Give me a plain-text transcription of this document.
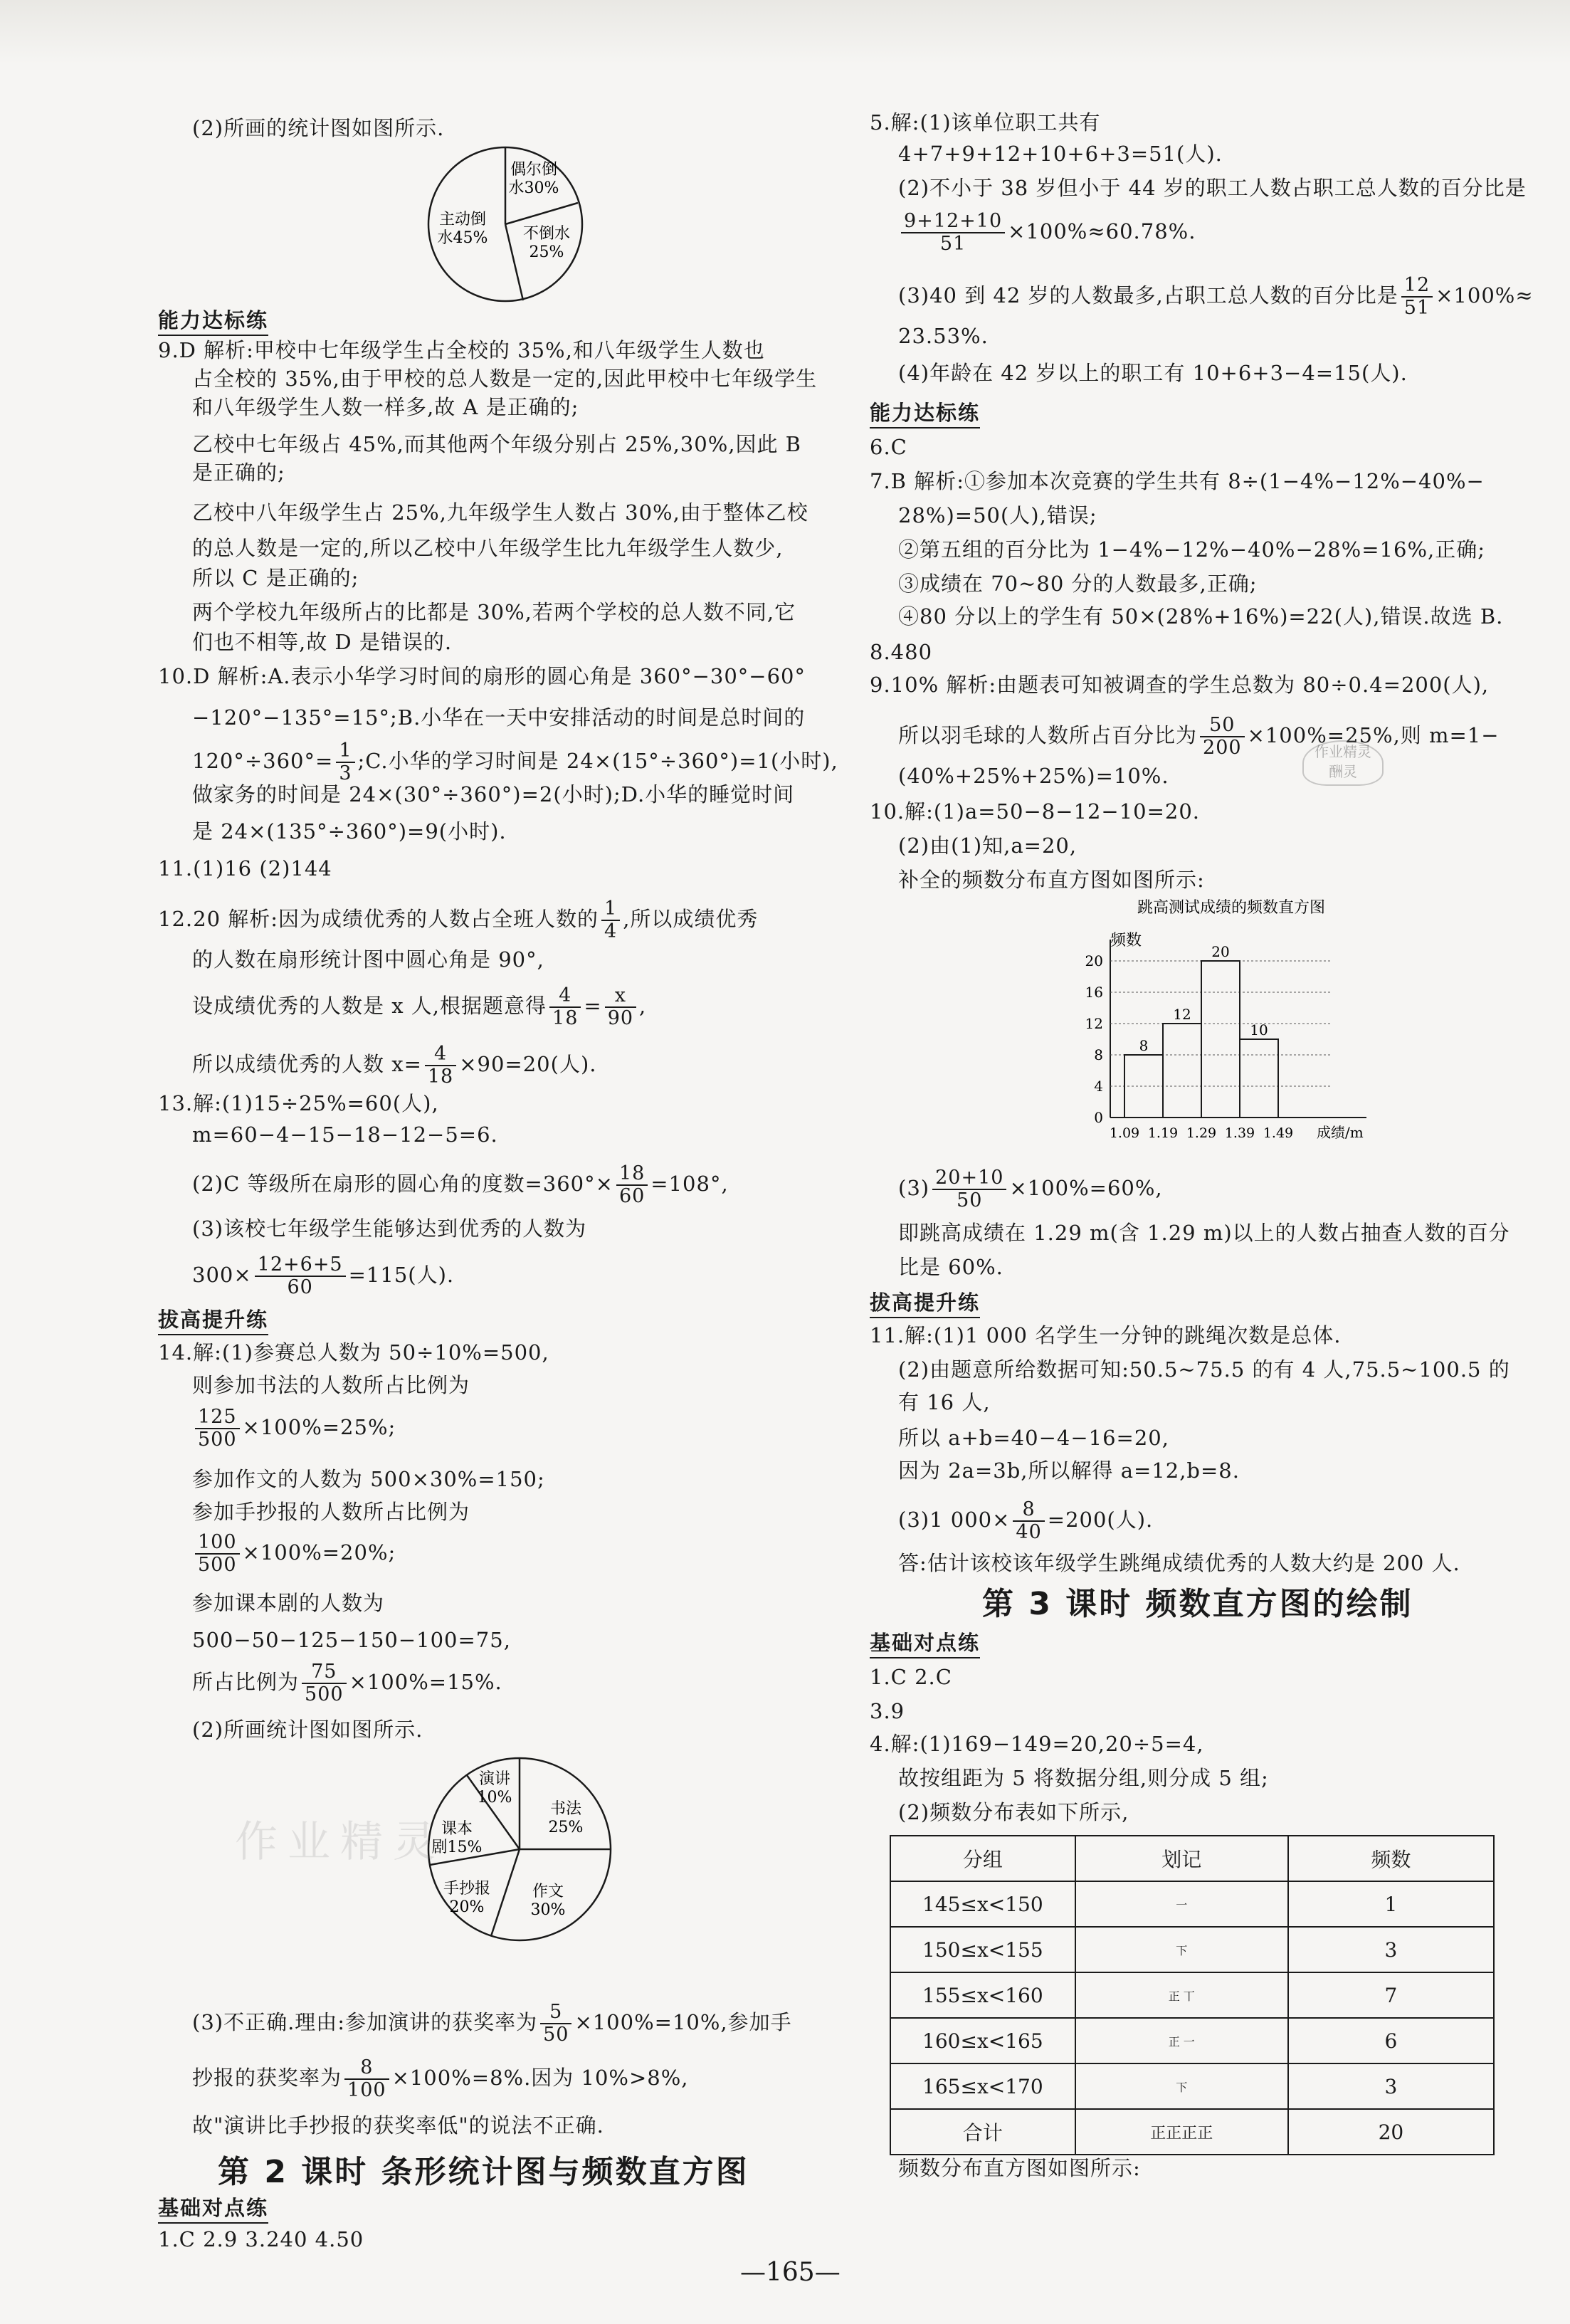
(2)所画的统计图如图所示.
偶尔倒
水30%
主动倒
水45% 不倒水
25%
能力达标练
9.D 解析:甲校中七年级学生占全校的 35%,和八年级学生人数也
占全校的 35%,由于甲校的总人数是一定的,因此甲校中七年级学生
和八年级学生人数一样多,故 A 是正确的;
乙校中七年级占 45%,而其他两个年级分别占 25%,30%,因此 B
是正确的;
乙校中八年级学生占 25%,九年级学生人数占 30%,由于整体乙校
的总人数是一定的,所以乙校中八年级学生比九年级学生人数少,
所以 C 是正确的;
两个学校九年级所占的比都是 30%,若两个学校的总人数不同,它
们也不相等,故 D 是错误的.
10.D 解析:A.表示小华学习时间的扇形的圆心角是 360°−30°−60°
−120°−135°=15°;B.小华在一天中安排活动的时间是总时间的
$120^\circ\div 360^\circ= \frac{1}{3}$ ;C.小华的学习时间是 24×(15°÷360°)=1(小时),
做家务的时间是 24×(30°÷360°)=2(小时);D.小华的睡觉时间
是 24×(135°÷360°)=9(小时).
11.(1)16 (2)144
12.20 解析:因为成绩优秀的人数占全班人数的 $\frac{1}{4}$ ,所以成绩优秀
的人数在扇形统计图中圆心角是 90°,
设成绩优秀的人数是 x 人,根据题意得 $\frac{4}{18} = \frac{x}{90}$ ,
所以成绩优秀的人数 $x= \frac{4}{18} \times 90=20$(人).
13.解:(1)15÷25%=60(人),
m=60−4−15−18−12−5=6.
(2)C 等级所在扇形的圆心角的度数$=360^\circ\times \frac{18}{60} =108^\circ$,
(3)该校七年级学生能够达到优秀的人数为
$300\times \frac{12+6+5}{60} =115$(人).
拔高提升练
14.解:(1)参赛总人数为 50÷10%=500,
则参加书法的人数所占比例为
$\frac{125}{500} \times 100\%=25\%$;
参加作文的人数为 500×30%=150;
参加手抄报的人数所占比例为
$\frac{100}{500} \times 100\%=20\%$;
参加课本剧的人数为
500−50−125−150−100=75,
所占比例为 $\frac{75}{500} \times 100\%=15\%$.
(2)所画统计图如图所示.
演讲
10%
书法
25%
课本
剧15%
手抄报
20%
作文
30%
作业精灵
(3)不正确.理由:参加演讲的获奖率为 $\frac{5}{50} \times 100\%=10\%$,参加手
抄报的获奖率为 $\frac{8}{100} \times 100\%=8\%$.因为 10%>8%,
故"演讲比手抄报的获奖率低"的说法不正确.
第 2 课时 条形统计图与频数直方图
基础对点练
1.C 2.9 3.240 4.50
5.解:(1)该单位职工共有
4+7+9+12+10+6+3=51(人).
(2)不小于 38 岁但小于 44 岁的职工人数占职工总人数的百分比是
$\frac{9+12+10}{51} \times 100\%\approx 60.78\%$.
(3)40 到 42 岁的人数最多,占职工总人数的百分比是 $\frac{12}{51} \times 100\%\approx$
23.53%.
(4)年龄在 42 岁以上的职工有 10+6+3−4=15(人).
能力达标练
6.C
7.B 解析:①参加本次竞赛的学生共有 8÷(1−4%−12%−40%−
28%)=50(人),错误;
②第五组的百分比为 1−4%−12%−40%−28%=16%,正确;
③成绩在 70~80 分的人数最多,正确;
④80 分以上的学生有 50×(28%+16%)=22(人),错误.故选 B.
8.480
9.10% 解析:由题表可知被调查的学生总数为 80÷0.4=200(人),
所以羽毛球的人数所占百分比为 $\frac{50}{200} \times 100\%=25\%$,则 m=1−
(40%+25%+25%)=10%.
作业精灵
酬灵
10.解:(1)a=50−8−12−10=20.
(2)由(1)知,a=20,
补全的频数分布直方图如图所示:
跳高测试成绩的频数直方图
频数
成绩/m
0
4
8
12
16
20
8
12
20
10
1.09 1.19 1.29 1.39 1.49
$(3) \frac{20+10}{50} \times 100\%=60\%$,
即跳高成绩在 1.29 m(含 1.29 m)以上的人数占抽查人数的百分
比是 60%.
拔高提升练
11.解:(1)1 000 名学生一分钟的跳绳次数是总体.
(2)由题意所给数据可知:50.5~75.5 的有 4 人,75.5~100.5 的
有 16 人,
所以 a+b=40−4−16=20,
因为 2a=3b,所以解得 a=12,b=8.
(3)1 $000\times \frac{8}{40} =200$(人).
答:估计该校该年级学生跳绳成绩优秀的人数大约是 200 人.
第 3 课时 频数直方图的绘制
基础对点练
1.C 2.C
3.9
4.解:(1)169−149=20,20÷5=4,
故按组距为 5 将数据分组,则分成 5 组;
(2)频数分布表如下所示,
分组	划记	频数
145≤x<150	一	1
150≤x<155	下	3
155≤x<160	正 丅	7
160≤x<165	正 一	6
165≤x<170	下	3
合计	正正正正	20
频数分布直方图如图所示:
—165—
